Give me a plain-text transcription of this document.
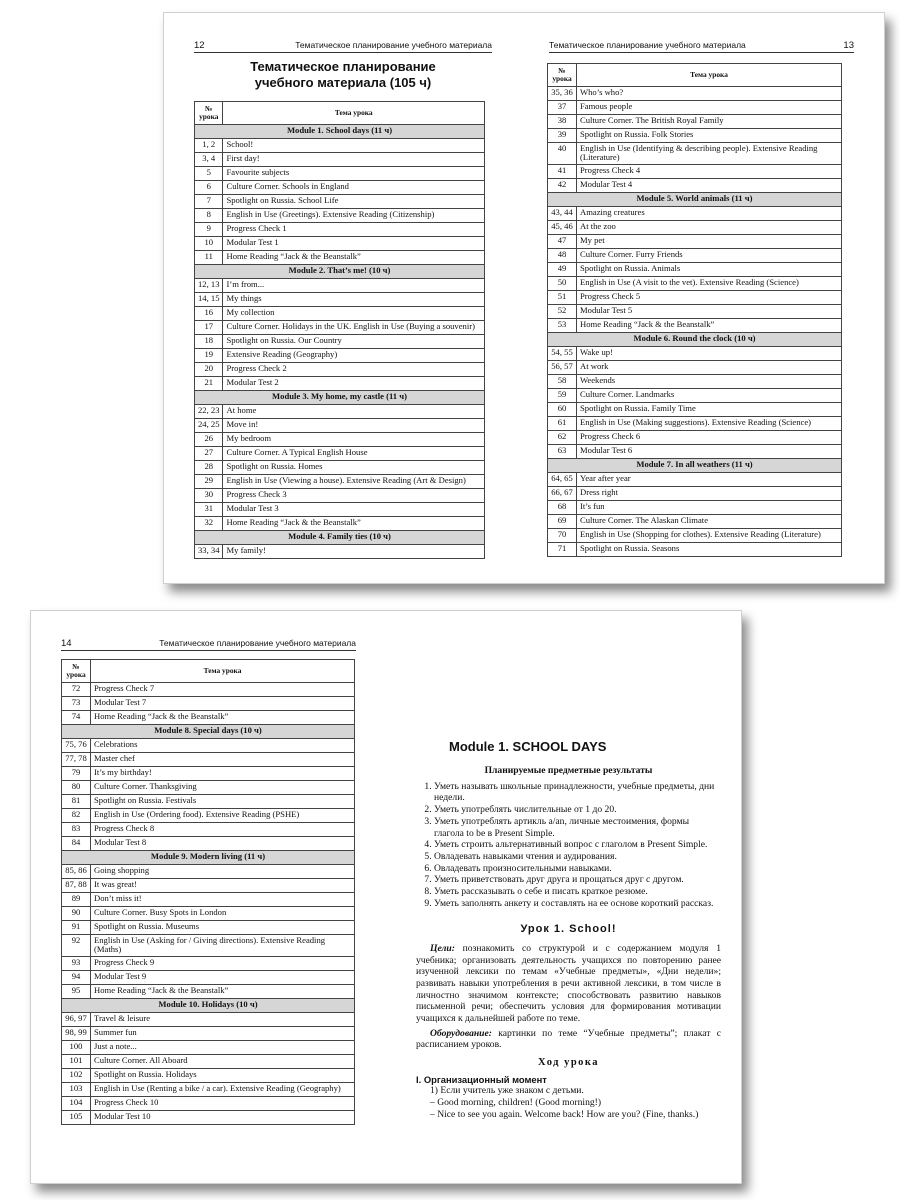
12	Тематическое планирование учебного материала
Тематическое планирование
учебного материала (105 ч)
№ урока	Тема урока
Module 1. School days (11 ч)	
1, 2	School!
3, 4	First day!
5	Favourite subjects
6	Culture Corner. Schools in England
7	Spotlight on Russia. School Life
8	English in Use (Greetings). Extensive Reading (Citizenship)
9	Progress Check 1
10	Modular Test 1
11	Home Reading “Jack & the Beanstalk”
Module 2. That’s me! (10 ч)	
12, 13	I’m from...
14, 15	My things
16	My collection
17	Culture Corner. Holidays in the UK. English in Use (Buying a souvenir)
18	Spotlight on Russia. Our Country
19	Extensive Reading (Geography)
20	Progress Check 2
21	Modular Test 2
Module 3. My home, my castle (11 ч)	
22, 23	At home
24, 25	Move in!
26	My bedroom
27	Culture Corner. A Typical English House
28	Spotlight on Russia. Homes
29	English in Use (Viewing a house). Extensive Reading (Art & Design)
30	Progress Check 3
31	Modular Test 3
32	Home Reading “Jack & the Beanstalk”
Module 4. Family ties (10 ч)	
33, 34	My family!
Тематическое планирование учебного материала	13
№ урока	Тема урока
35, 36	Who’s who?
37	Famous people
38	Culture Corner. The British Royal Family
39	Spotlight on Russia. Folk Stories
40	English in Use (Identifying & describing people). Extensive Reading (Literature)
41	Progress Check 4
42	Modular Test 4
Module 5. World animals (11 ч)	
43, 44	Amazing creatures
45, 46	At the zoo
47	My pet
48	Culture Corner. Furry Friends
49	Spotlight on Russia. Animals
50	English in Use (A visit to the vet). Extensive Reading (Science)
51	Progress Check 5
52	Modular Test 5
53	Home Reading “Jack & the Beanstalk”
Module 6. Round the clock (10 ч)	
54, 55	Wake up!
56, 57	At work
58	Weekends
59	Culture Corner. Landmarks
60	Spotlight on Russia. Family Time
61	English in Use (Making suggestions). Extensive Reading (Science)
62	Progress Check 6
63	Modular Test 6
Module 7. In all weathers (11 ч)	
64, 65	Year after year
66, 67	Dress right
68	It’s fun
69	Culture Corner. The Alaskan Climate
70	English in Use (Shopping for clothes). Extensive Reading (Literature)
71	Spotlight on Russia. Seasons
14	Тематическое планирование учебного материала
№ урока	Тема урока
72	Progress Check 7
73	Modular Test 7
74	Home Reading “Jack & the Beanstalk”
Module 8. Special days (10 ч)	
75, 76	Celebrations
77, 78	Master chef
79	It’s my birthday!
80	Culture Corner. Thanksgiving
81	Spotlight on Russia. Festivals
82	English in Use (Ordering food). Extensive Reading (PSHE)
83	Progress Check 8
84	Modular Test 8
Module 9. Modern living (11 ч)	
85, 86	Going shopping
87, 88	It was great!
89	Don’t miss it!
90	Culture Corner. Busy Spots in London
91	Spotlight on Russia. Museums
92	English in Use (Asking for / Giving directions). Extensive Reading (Maths)
93	Progress Check 9
94	Modular Test 9
95	Home Reading “Jack & the Beanstalk”
Module 10. Holidays (10 ч)	
96, 97	Travel & leisure
98, 99	Summer fun
100	Just a note...
101	Culture Corner. All Aboard
102	Spotlight on Russia. Holidays
103	English in Use (Renting a bike / a car). Extensive Reading (Geography)
104	Progress Check 10
105	Modular Test 10
Module 1. SCHOOL DAYS
Планируемые предметные результаты
1. Уметь называть школьные принадлежности, учебные предметы, дни недели.
2. Уметь употреблять числительные от 1 до 20.
3. Уметь употреблять артикль a/an, личные местоимения, формы глагола to be в Present Simple.
4. Уметь строить альтернативный вопрос с глаголом в Present Simple.
5. Овладевать навыками чтения и аудирования.
6. Овладевать произносительными навыками.
7. Уметь приветствовать друг друга и прощаться друг с другом.
8. Уметь рассказывать о себе и писать краткое резюме.
9. Уметь заполнять анкету и составлять на ее основе короткий рассказ.
Урок 1. School!

Цели: познакомить со структурой и с содержанием модуля 1 учебника; организовать деятельность учащихся по повторению ранее изученной лексики по темам «Учебные предметы», «Дни недели»; развивать навыки употребления в речи активной лексики, в том числе в личностно значимом контексте; способствовать развитию навыков письменной речи; обеспечить условия для формирования мотивации учащихся к дальнейшей работе по теме.

Оборудование: картинки по теме “Учебные предметы”; плакат с расписанием уроков.

Ход урока
I. Организационный момент
1) Если учитель уже знаком с детьми.
– Good morning, children! (Good morning!)
– Nice to see you again. Welcome back! How are you? (Fine, thanks.)
